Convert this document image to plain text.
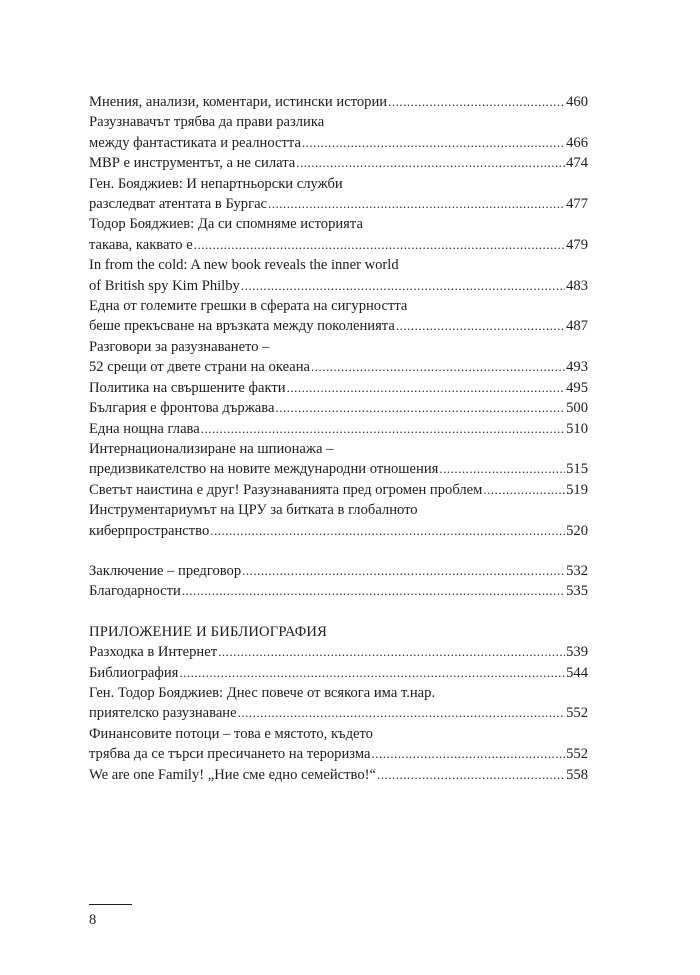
Мнения, анализи, коментари, истински истории .....	460
Разузнавачът трябва да прави разлика
между фантастиката и реалността .....	466
МВР е инструментът, а не силата .....	474
Ген. Бояджиев: И непартньорски служби
разследват атентата в Бургас .....	477
Тодор Бояджиев: Да си спомняме историята
такава, каквато е .....	479
In from the cold: A new book reveals the inner world
of British spy Kim Philby .....	483
Една от големите грешки в сферата на сигурността
беше прекъсване на връзката между поколенията .....	487
Разговори за разузнаването –
52 срещи от двете страни на океана .....	493
Политика на свършените факти .....	495
България е фронтова държава .....	500
Една нощна глава .....	510
Интернационализиране на шпионажа –
предизвикателство на новите международни отношения .....	515
Светът наистина е друг! Разузнаванията пред огромен проблем .....	519
Инструментариумът на ЦРУ за битката в глобалното
киберпространство .....	520
Заключение – предговор .....	532
Благодарности .....	535

ПРИЛОЖЕНИЕ И БИБЛИОГРАФИЯ

Разходка в Интернет .....	539
Библиография .....	544
Ген. Тодор Бояджиев: Днес повече от всякога има т.нар.
приятелско разузнаване .....	552
Финансовите потоци – това е мястото, където
трябва да се търси пресичането на тероризма .....	552
We are one Family! „Ние сме едно семейство!“ .....	558
8
